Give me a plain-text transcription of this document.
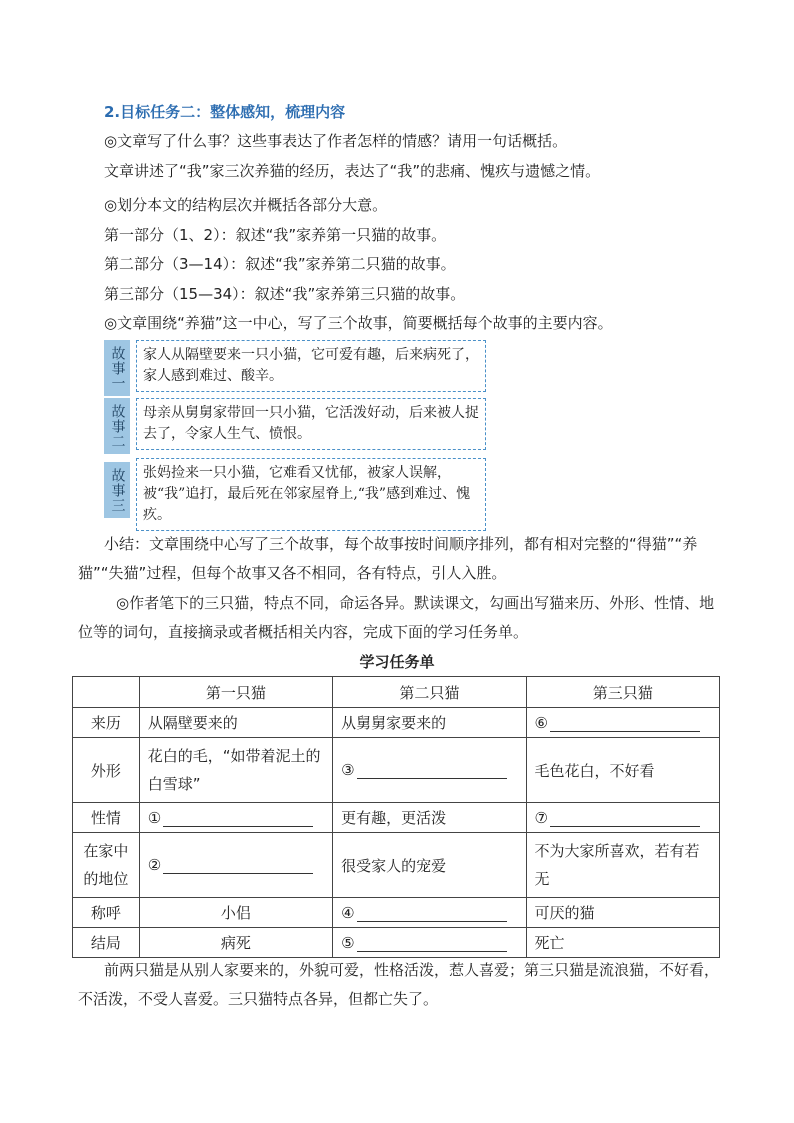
2.目标任务二：整体感知，梳理内容
◎文章写了什么事？这些事表达了作者怎样的情感？请用一句话概括。
文章讲述了“我”家三次养猫的经历，表达了“我”的悲痛、愧疚与遗憾之情。
◎划分本文的结构层次并概括各部分大意。
第一部分（1、2）：叙述“我”家养第一只猫的故事。
第二部分（3—14）：叙述“我”家养第二只猫的故事。
第三部分（15—34）：叙述“我”家养第三只猫的故事。
◎文章围绕“养猫”这一中心，写了三个故事，简要概括每个故事的主要内容。
故事一	家人从隔壁要来一只小猫，它可爱有趣，后来病死了，家人感到难过、酸辛。
故事二	母亲从舅舅家带回一只小猫，它活泼好动，后来被人捉去了，令家人生气、愤恨。
故事三	张妈捡来一只小猫，它难看又忧郁，被家人误解，被“我”追打，最后死在邻家屋脊上,“我”感到难过、愧疚。
小结：文章围绕中心写了三个故事，每个故事按时间顺序排列，都有相对完整的“得猫”“养猫”“失猫”过程，但每个故事又各不相同，各有特点，引人入胜。
◎作者笔下的三只猫，特点不同，命运各异。默读课文，勾画出写猫来历、外形、性情、地位等的词句，直接摘录或者概括相关内容，完成下面的学习任务单。
学习任务单
	第一只猫	第二只猫	第三只猫
来历	从隔壁要来的	从舅舅家要来的	⑥
外形	花白的毛，“如带着泥土的白雪球”	③	毛色花白，不好看
性情	①	更有趣，更活泼	⑦
在家中的地位	②	很受家人的宠爱	不为大家所喜欢，若有若无
称呼	小侣	④	可厌的猫
结局	病死	⑤	死亡
前两只猫是从别人家要来的，外貌可爱，性格活泼，惹人喜爱；第三只猫是流浪猫，不好看，不活泼，不受人喜爱。三只猫特点各异，但都亡失了。
